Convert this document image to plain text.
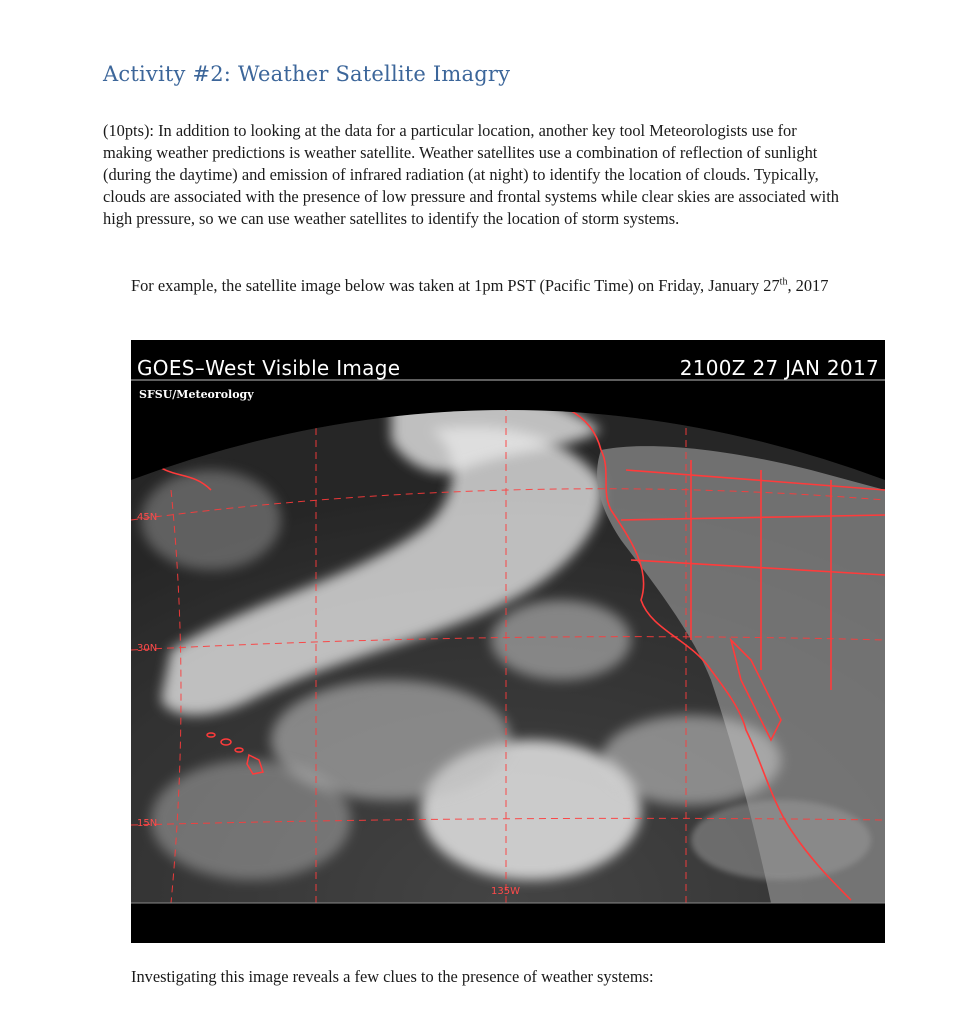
Activity #2: Weather Satellite Imagry

(10pts): In addition to looking at the data for a particular location, another key tool Meteorologists use for making weather predictions is weather satellite. Weather satellites use a combination of reflection of sunlight (during the daytime) and emission of infrared radiation (at night) to identify the location of clouds. Typically, clouds are associated with the presence of low pressure and frontal systems while clear skies are associated with high pressure, so we can use weather satellites to identify the location of storm systems.

For example, the satellite image below was taken at 1pm PST (Pacific Time) on Friday, January 27th, 2017

GOES–West Visible Image	2100Z 27 JAN 2017
SFSU/Meteorology
45N
30N
15N
135W

Investigating this image reveals a few clues to the presence of weather systems:
